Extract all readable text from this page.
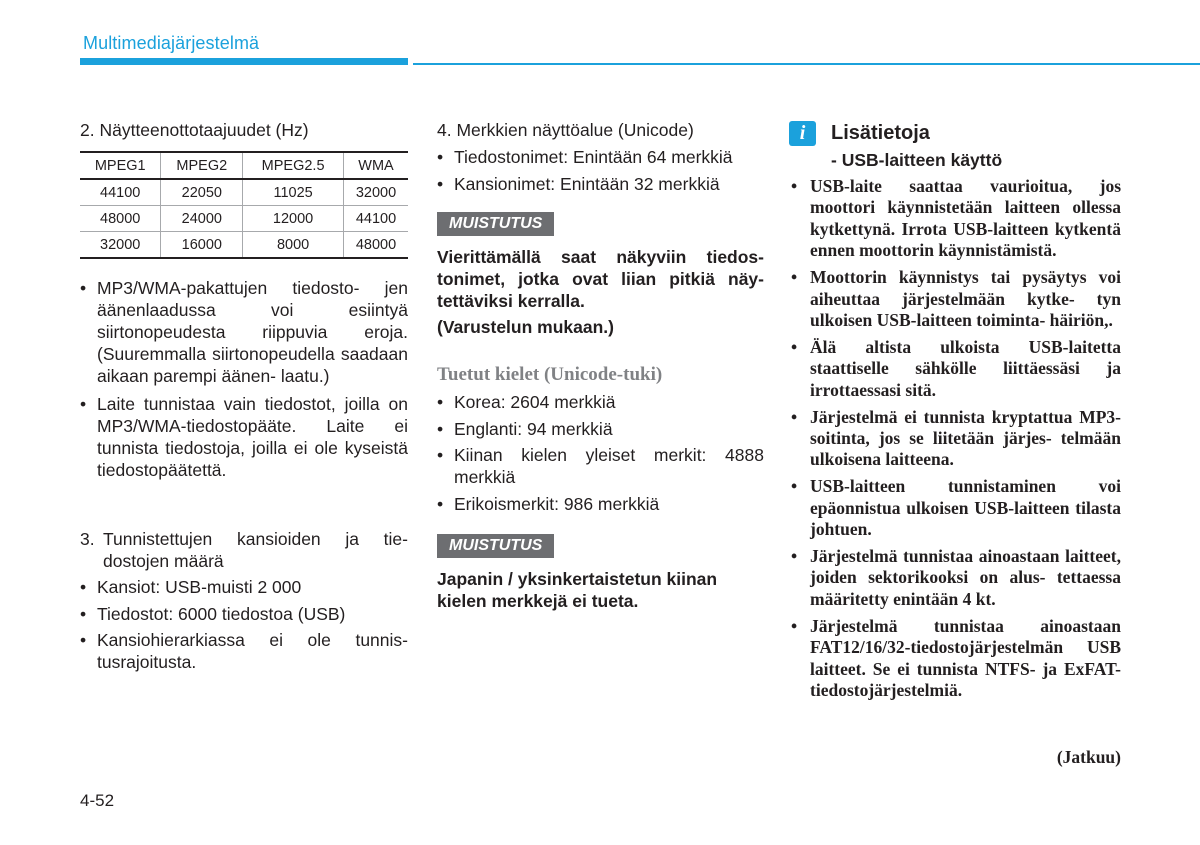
Multimediajärjestelmä
2. Näytteenottotaajuudet (Hz)
MPEG1	MPEG2	MPEG2.5	WMA
44100	22050	11025	32000
48000	24000	12000	44100
32000	16000	8000	48000
• MP3/WMA-pakattujen tiedosto- jen äänenlaadussa voi esiintyä siirtonopeudesta riippuvia eroja. (Suuremmalla siirtonopeudella saadaan aikaan parempi äänen- laatu.)
• Laite tunnistaa vain tiedostot, joilla on MP3/WMA-tiedostopääte. Laite ei tunnista tiedostoja, joilla ei ole kyseistä tiedostopäätettä.
3. Tunnistettujen kansioiden ja tie- dostojen määrä
• Kansiot: USB-muisti 2 000
• Tiedostot: 6000 tiedostoa (USB)
• Kansiohierarkiassa ei ole tunnis- tusrajoitusta.
4. Merkkien näyttöalue (Unicode)
• Tiedostonimet: Enintään 64 merkkiä
• Kansionimet: Enintään 32 merkkiä
MUISTUTUS
Vierittämällä saat näkyviin tiedos- tonimet, jotka ovat liian pitkiä näy- tettäviksi kerralla.
(Varustelun mukaan.)
Tuetut kielet (Unicode-tuki)
• Korea: 2604 merkkiä
• Englanti: 94 merkkiä
• Kiinan kielen yleiset merkit: 4888 merkkiä
• Erikoismerkit: 986 merkkiä
MUISTUTUS
Japanin / yksinkertaistetun kiinan kielen merkkejä ei tueta.
i	Lisätietoja
- USB-laitteen käyttö
• USB-laite saattaa vaurioitua, jos moottori käynnistetään laitteen ollessa kytkettynä. Irrota USB-laitteen kytkentä ennen moottorin käynnistämistä.
• Moottorin käynnistys tai pysäytys voi aiheuttaa järjestelmään kytke- tyn ulkoisen USB-laitteen toiminta- häiriön,.
• Älä altista ulkoista USB-laitetta staattiselle sähkölle liittäessäsi ja irrottaessasi sitä.
• Järjestelmä ei tunnista kryptattua MP3-soitinta, jos se liitetään järjes- telmään ulkoisena laitteena.
• USB-laitteen tunnistaminen voi epäonnistua ulkoisen USB-laitteen tilasta johtuen.
• Järjestelmä tunnistaa ainoastaan laitteet, joiden sektorikooksi on alus- tettaessa määritetty enintään 4 kt.
• Järjestelmä tunnistaa ainoastaan FAT12/16/32-tiedostojärjestelmän USB laitteet. Se ei tunnista NTFS- ja ExFAT-tiedostojärjestelmiä.
(Jatkuu)
4-52
